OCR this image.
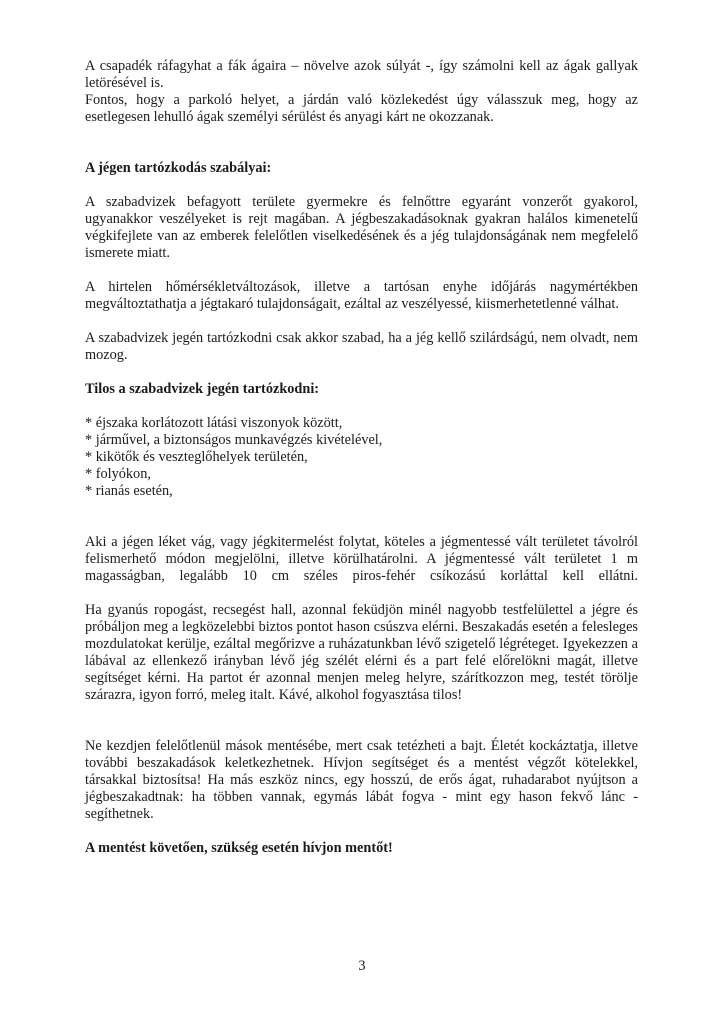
A csapadék ráfagyhat a fák ágaira – növelve azok súlyát -, így számolni kell az ágak gallyak letörésével is.

Fontos, hogy a parkoló helyet, a járdán való közlekedést úgy válasszuk meg, hogy az esetlegesen lehulló ágak személyi sérülést és anyagi kárt ne okozzanak.

A jégen tartózkodás szabályai:

A szabadvizek befagyott területe gyermekre és felnőttre egyaránt vonzerőt gyakorol, ugyanakkor veszélyeket is rejt magában. A jégbeszakadásoknak gyakran halálos kimenetelű végkifejlete van az emberek felelőtlen viselkedésének és a jég tulajdonságának nem megfelelő ismerete miatt.

A hirtelen hőmérsékletváltozások, illetve a tartósan enyhe időjárás nagymértékben megváltoztathatja a jégtakaró tulajdonságait, ezáltal az veszélyessé, kiismerhetetlenné válhat.

A szabadvizek jegén tartózkodni csak akkor szabad, ha a jég kellő szilárdságú, nem olvadt, nem mozog.

Tilos a szabadvizek jegén tartózkodni:

* éjszaka korlátozott látási viszonyok között,

* járművel, a biztonságos munkavégzés kivételével,

* kikötők és veszteglőhelyek területén,

* folyókon,

* rianás esetén,

Aki a jégen léket vág, vagy jégkitermelést folytat, köteles a jégmentessé vált területet távolról felismerhető módon megjelölni, illetve körülhatárolni. A jégmentessé vált területet 1 m magasságban, legalább 10 cm széles piros-fehér csíkozású korláttal kell ellátni.

Ha gyanús ropogást, recsegést hall, azonnal feküdjön minél nagyobb testfelülettel a jégre és próbáljon meg a legközelebbi biztos pontot hason csúszva elérni. Beszakadás esetén a felesleges mozdulatokat kerülje, ezáltal megőrizve a ruházatunkban lévő szigetelő légréteget. Igyekezzen a lábával az ellenkező irányban lévő jég szélét elérni és a part felé előrelökni magát, illetve segítséget kérni. Ha partot ér azonnal menjen meleg helyre, szárítkozzon meg, testét törölje szárazra, igyon forró, meleg italt. Kávé, alkohol fogyasztása tilos!

Ne kezdjen felelőtlenül mások mentésébe, mert csak tetézheti a bajt. Életét kockáztatja, illetve további beszakadások keletkezhetnek. Hívjon segítséget és a mentést végzőt kötelekkel, társakkal biztosítsa! Ha más eszköz nincs, egy hosszú, de erős ágat, ruhadarabot nyújtson a jégbeszakadtnak: ha többen vannak, egymás lábát fogva - mint egy hason fekvő lánc - segíthetnek.

A mentést követően, szükség esetén hívjon mentőt!

3
